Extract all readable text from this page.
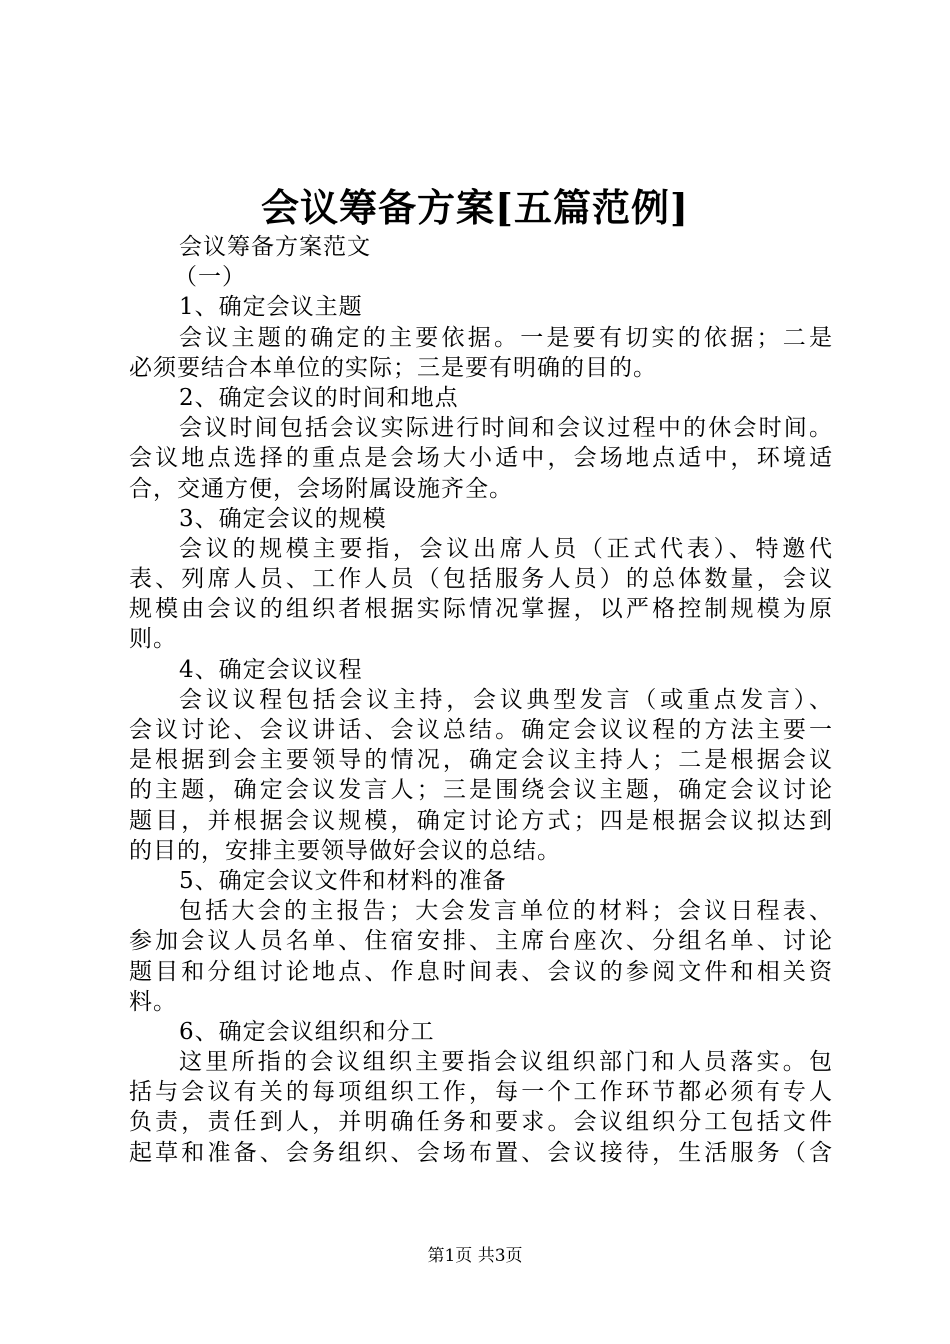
会议筹备方案[五篇范例]
会议筹备方案范文
（一）
1、确定会议主题
会议主题的确定的主要依据。一是要有切实的依据；二是
必须要结合本单位的实际；三是要有明确的目的。
2、确定会议的时间和地点
会议时间包括会议实际进行时间和会议过程中的休会时间。
会议地点选择的重点是会场大小适中，会场地点适中，环境适
合，交通方便，会场附属设施齐全。
3、确定会议的规模
会议的规模主要指，会议出席人员（正式代表）、特邀代
表、列席人员、工作人员（包括服务人员）的总体数量，会议
规模由会议的组织者根据实际情况掌握，以严格控制规模为原
则。
4、确定会议议程
会议议程包括会议主持，会议典型发言（或重点发言）、
会议讨论、会议讲话、会议总结。确定会议议程的方法主要一
是根据到会主要领导的情况，确定会议主持人；二是根据会议
的主题，确定会议发言人；三是围绕会议主题，确定会议讨论
题目，并根据会议规模，确定讨论方式；四是根据会议拟达到
的目的，安排主要领导做好会议的总结。
5、确定会议文件和材料的准备
包括大会的主报告；大会发言单位的材料；会议日程表、
参加会议人员名单、住宿安排、主席台座次、分组名单、讨论
题目和分组讨论地点、作息时间表、会议的参阅文件和相关资
料。
6、确定会议组织和分工
这里所指的会议组织主要指会议组织部门和人员落实。包
括与会议有关的每项组织工作，每一个工作环节都必须有专人
负责，责任到人，并明确任务和要求。会议组织分工包括文件
起草和准备、会务组织、会场布置、会议接待，生活服务（含
第1页 共3页
